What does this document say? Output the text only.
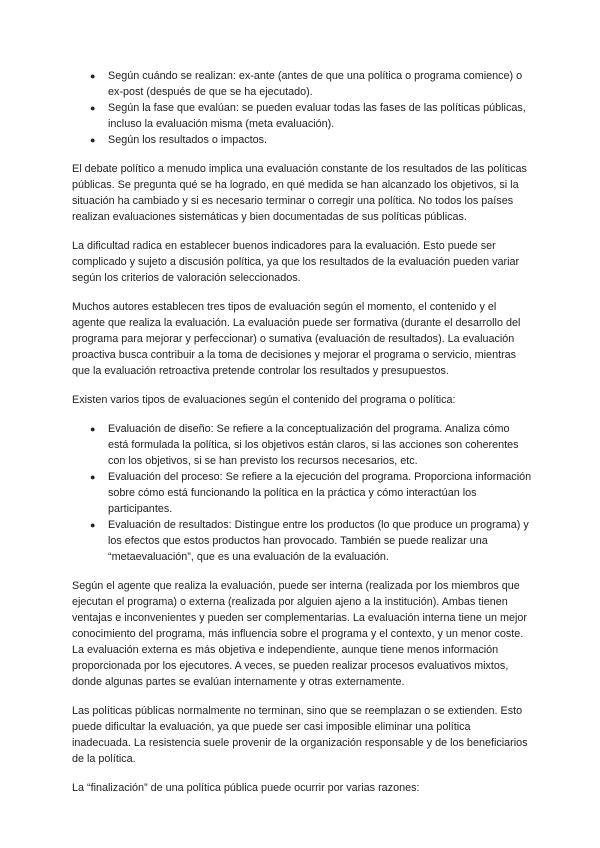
● Según cuándo se realizan: ex-ante (antes de que una política o programa comience) o ex-post (después de que se ha ejecutado).
● Según la fase que evalúan: se pueden evaluar todas las fases de las políticas públicas, incluso la evaluación misma (meta evaluación).
● Según los resultados o impactos.

El debate político a menudo implica una evaluación constante de los resultados de las políticas públicas. Se pregunta qué se ha logrado, en qué medida se han alcanzado los objetivos, si la situación ha cambiado y si es necesario terminar o corregir una política. No todos los países realizan evaluaciones sistemáticas y bien documentadas de sus políticas públicas.

La dificultad radica en establecer buenos indicadores para la evaluación. Esto puede ser complicado y sujeto a discusión política, ya que los resultados de la evaluación pueden variar según los criterios de valoración seleccionados.

Muchos autores establecen tres tipos de evaluación según el momento, el contenido y el agente que realiza la evaluación. La evaluación puede ser formativa (durante el desarrollo del programa para mejorar y perfeccionar) o sumativa (evaluación de resultados). La evaluación proactiva busca contribuir a la toma de decisiones y mejorar el programa o servicio, mientras que la evaluación retroactiva pretende controlar los resultados y presupuestos.

Existen varios tipos de evaluaciones según el contenido del programa o política:

● Evaluación de diseño: Se refiere a la conceptualización del programa. Analiza cómo está formulada la política, si los objetivos están claros, si las acciones son coherentes con los objetivos, si se han previsto los recursos necesarios, etc.
● Evaluación del proceso: Se refiere a la ejecución del programa. Proporciona información sobre cómo está funcionando la política en la práctica y cómo interactúan los participantes.
● Evaluación de resultados: Distingue entre los productos (lo que produce un programa) y los efectos que estos productos han provocado. También se puede realizar una “metaevaluación”, que es una evaluación de la evaluación.

Según el agente que realiza la evaluación, puede ser interna (realizada por los miembros que ejecutan el programa) o externa (realizada por alguien ajeno a la institución). Ambas tienen ventajas e inconvenientes y pueden ser complementarias. La evaluación interna tiene un mejor conocimiento del programa, más influencia sobre el programa y el contexto, y un menor coste. La evaluación externa es más objetiva e independiente, aunque tiene menos información proporcionada por los ejecutores. A veces, se pueden realizar procesos evaluativos mixtos, donde algunas partes se evalúan internamente y otras externamente.

Las políticas públicas normalmente no terminan, sino que se reemplazan o se extienden. Esto puede dificultar la evaluación, ya que puede ser casi imposible eliminar una política inadecuada. La resistencia suele provenir de la organización responsable y de los beneficiarios de la política.

La “finalización” de una política pública puede ocurrir por varias razones:
